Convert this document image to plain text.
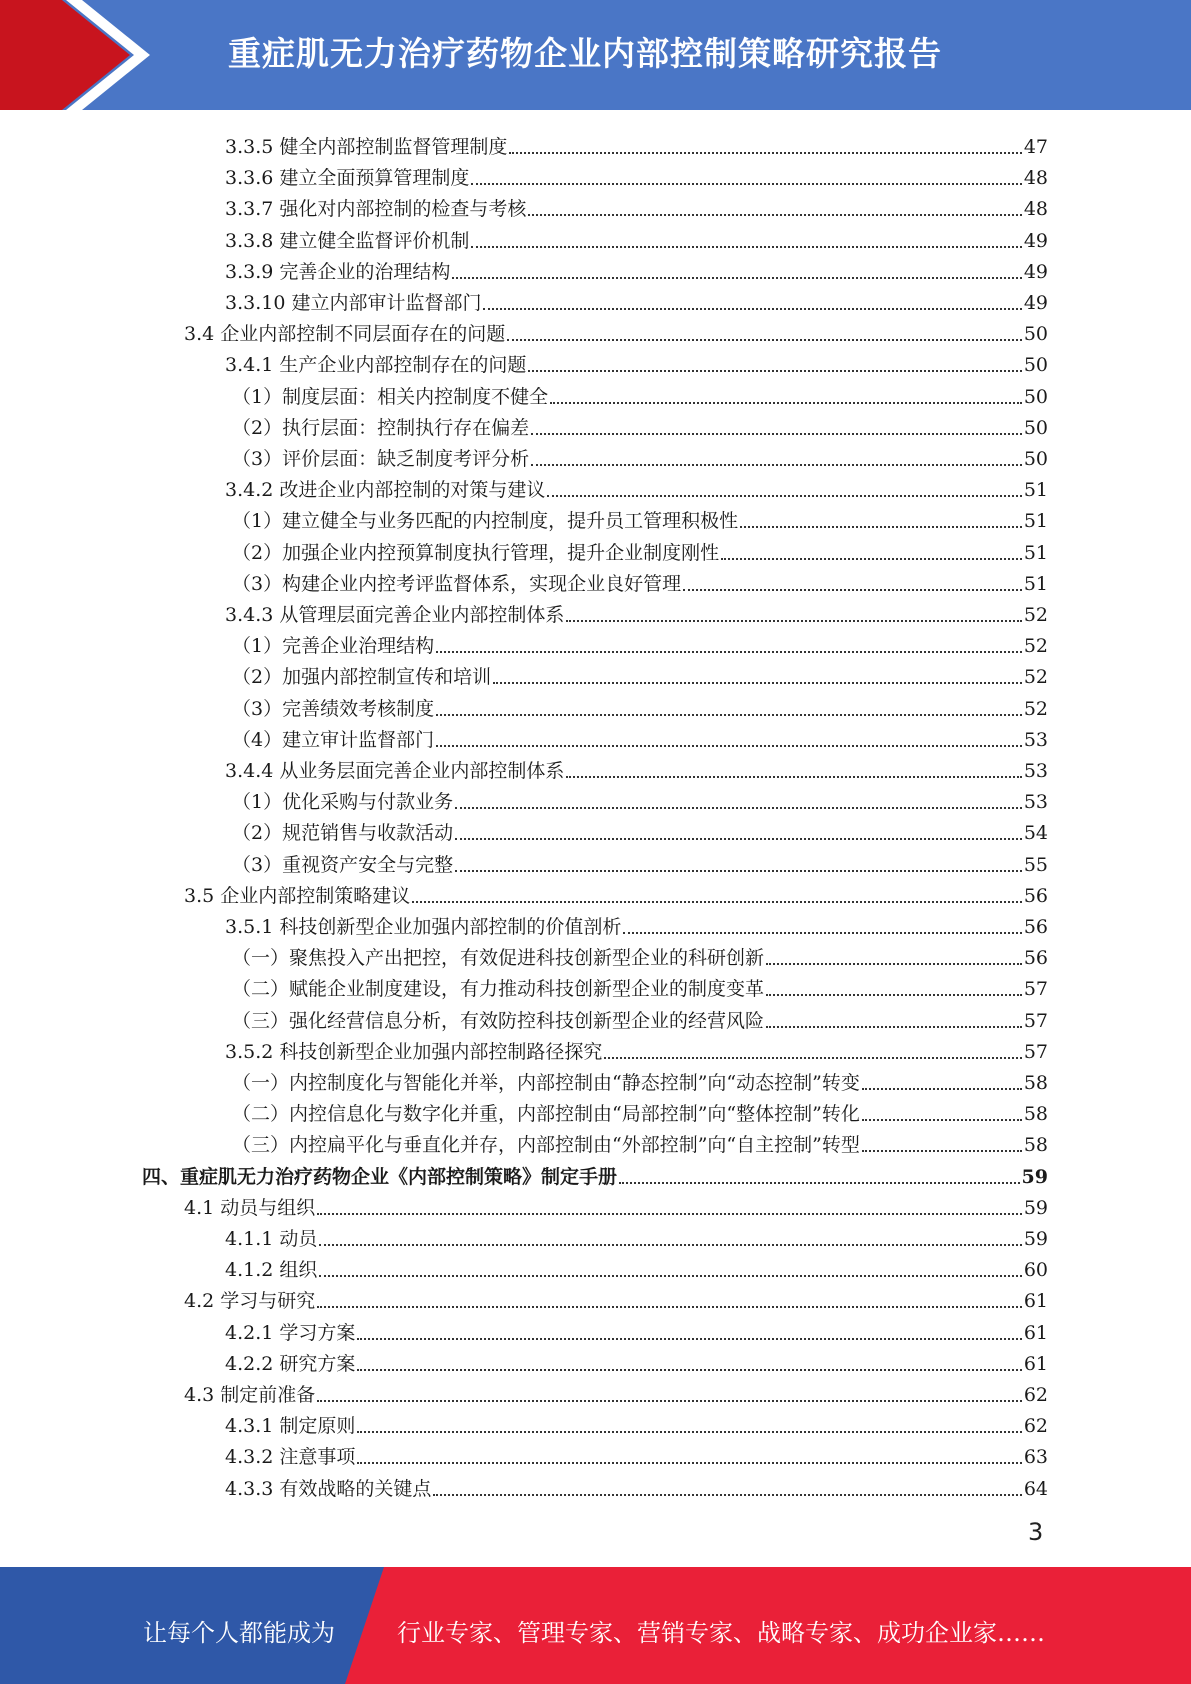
重症肌无力治疗药物企业内部控制策略研究报告
3.3.5 健全内部控制监督管理制度	47
3.3.6 建立全面预算管理制度	48
3.3.7 强化对内部控制的检查与考核	48
3.3.8 建立健全监督评价机制	49
3.3.9 完善企业的治理结构	49
3.3.10 建立内部审计监督部门	49
3.4 企业内部控制不同层面存在的问题	50
3.4.1 生产企业内部控制存在的问题	50
（1）制度层面：相关内控制度不健全	50
（2）执行层面：控制执行存在偏差	50
（3）评价层面：缺乏制度考评分析	50
3.4.2 改进企业内部控制的对策与建议	51
（1）建立健全与业务匹配的内控制度，提升员工管理积极性	51
（2）加强企业内控预算制度执行管理，提升企业制度刚性	51
（3）构建企业内控考评监督体系，实现企业良好管理	51
3.4.3 从管理层面完善企业内部控制体系	52
（1）完善企业治理结构	52
（2）加强内部控制宣传和培训	52
（3）完善绩效考核制度	52
（4）建立审计监督部门	53
3.4.4 从业务层面完善企业内部控制体系	53
（1）优化采购与付款业务	53
（2）规范销售与收款活动	54
（3）重视资产安全与完整	55
3.5 企业内部控制策略建议	56
3.5.1 科技创新型企业加强内部控制的价值剖析	56
（一）聚焦投入产出把控，有效促进科技创新型企业的科研创新	56
（二）赋能企业制度建设，有力推动科技创新型企业的制度变革	57
（三）强化经营信息分析，有效防控科技创新型企业的经营风险	57
3.5.2 科技创新型企业加强内部控制路径探究	57
（一）内控制度化与智能化并举，内部控制由“静态控制”向“动态控制”转变	58
（二）内控信息化与数字化并重，内部控制由“局部控制”向“整体控制”转化	58
（三）内控扁平化与垂直化并存，内部控制由“外部控制”向“自主控制”转型	58
四、重症肌无力治疗药物企业《内部控制策略》制定手册	59
4.1 动员与组织	59
4.1.1 动员	59
4.1.2 组织	60
4.2 学习与研究	61
4.2.1 学习方案	61
4.2.2 研究方案	61
4.3 制定前准备	62
4.3.1 制定原则	62
4.3.2 注意事项	63
4.3.3 有效战略的关键点	64
3
让每个人都能成为	行业专家、管理专家、营销专家、战略专家、成功企业家……
